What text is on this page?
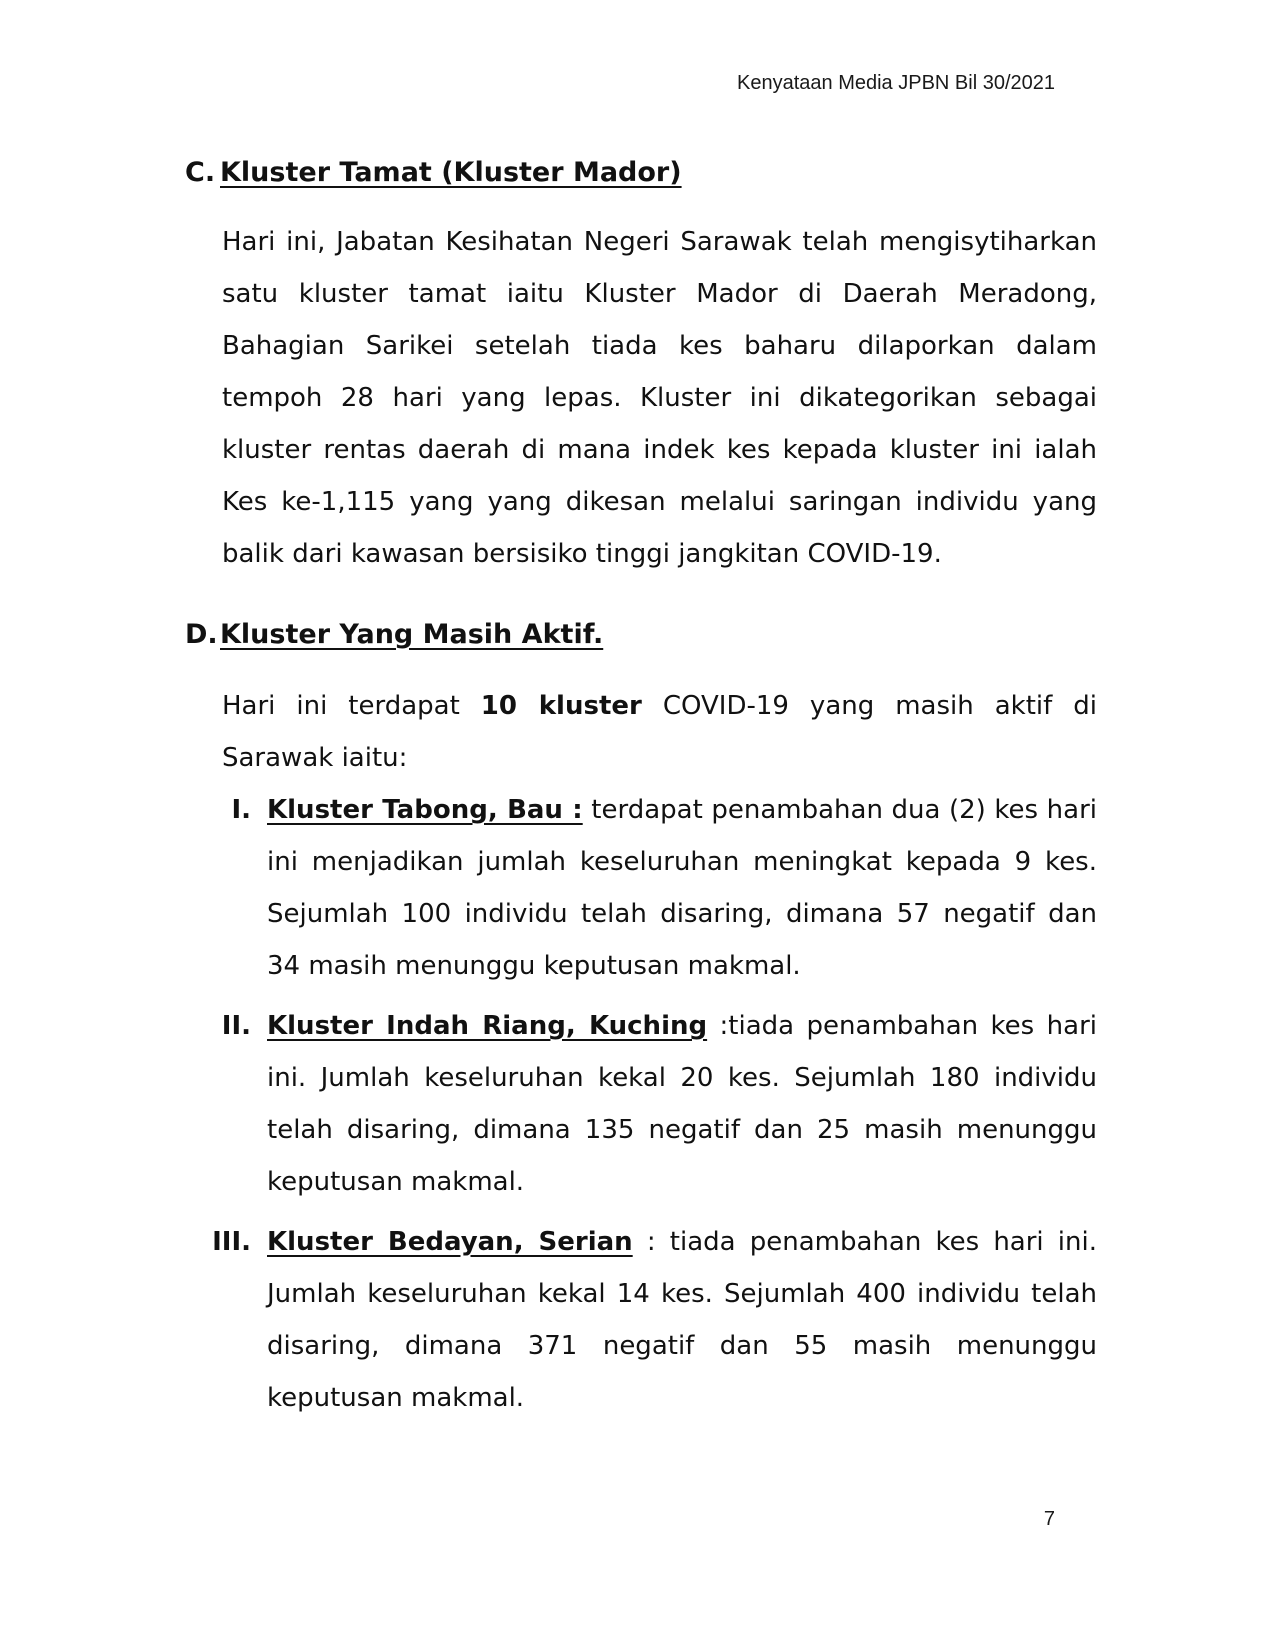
Kenyataan Media JPBN Bil 30/2021
C. Kluster Tamat (Kluster Mador)

Hari ini, Jabatan Kesihatan Negeri Sarawak telah mengisytiharkan satu kluster tamat iaitu Kluster Mador di Daerah Meradong, Bahagian Sarikei setelah tiada kes baharu dilaporkan dalam tempoh 28 hari yang lepas. Kluster ini dikategorikan sebagai kluster rentas daerah di mana indek kes kepada kluster ini ialah Kes ke-1,115 yang yang dikesan melalui saringan individu yang balik dari kawasan bersisiko tinggi jangkitan COVID-19.

D.Kluster Yang Masih Aktif.

Hari ini terdapat 10 kluster COVID-19 yang masih aktif di Sarawak iaitu:

I. Kluster Tabong, Bau : terdapat penambahan dua (2) kes hari ini menjadikan jumlah keseluruhan meningkat kepada 9 kes. Sejumlah 100 individu telah disaring, dimana 57 negatif dan 34 masih menunggu keputusan makmal.

II. Kluster Indah Riang, Kuching :tiada penambahan kes hari ini. Jumlah keseluruhan kekal 20 kes. Sejumlah 180 individu telah disaring, dimana 135 negatif dan 25 masih menunggu keputusan makmal.

III. Kluster Bedayan, Serian : tiada penambahan kes hari ini. Jumlah keseluruhan kekal 14 kes. Sejumlah 400 individu telah disaring, dimana 371 negatif dan 55 masih menunggu keputusan makmal.

7
